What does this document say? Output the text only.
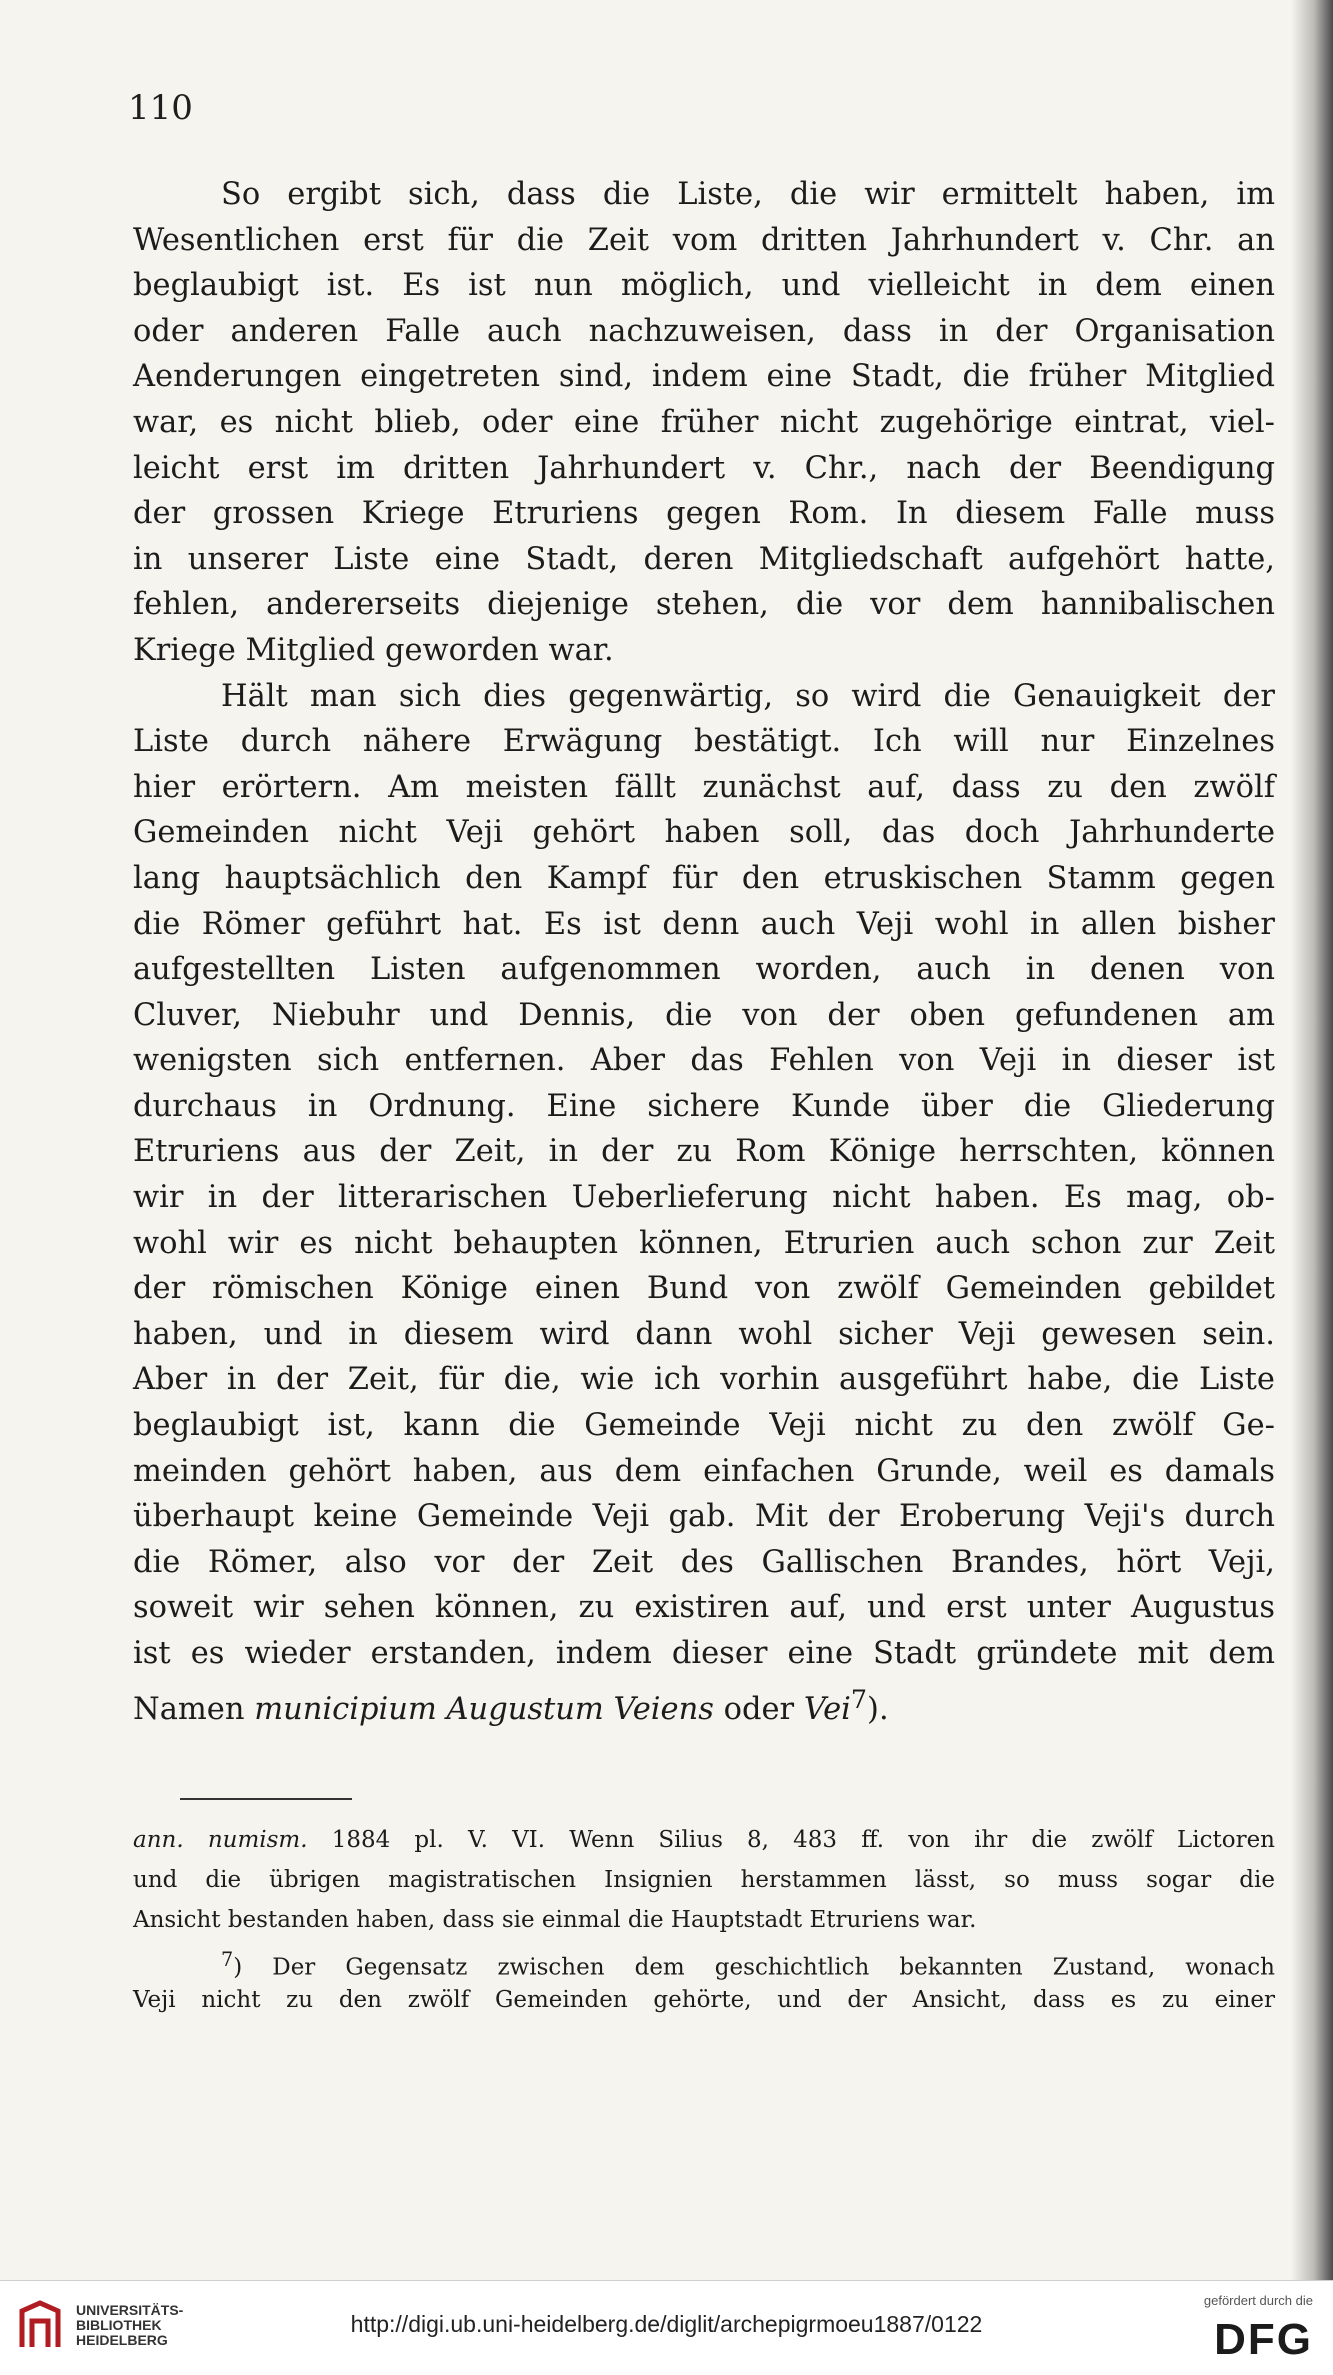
110
So ergibt sich, dass die Liste, die wir ermittelt haben, im
Wesentlichen erst für die Zeit vom dritten Jahrhundert v. Chr. an
beglaubigt ist. Es ist nun möglich, und vielleicht in dem einen
oder anderen Falle auch nachzuweisen, dass in der Organisation
Aenderungen eingetreten sind, indem eine Stadt, die früher Mitglied
war, es nicht blieb, oder eine früher nicht zugehörige eintrat, viel-
leicht erst im dritten Jahrhundert v. Chr., nach der Beendigung
der grossen Kriege Etruriens gegen Rom. In diesem Falle muss
in unserer Liste eine Stadt, deren Mitgliedschaft aufgehört hatte,
fehlen, andererseits diejenige stehen, die vor dem hannibalischen
Kriege Mitglied geworden war.
Hält man sich dies gegenwärtig, so wird die Genauigkeit der
Liste durch nähere Erwägung bestätigt. Ich will nur Einzelnes
hier erörtern. Am meisten fällt zunächst auf, dass zu den zwölf
Gemeinden nicht Veji gehört haben soll, das doch Jahrhunderte
lang hauptsächlich den Kampf für den etruskischen Stamm gegen
die Römer geführt hat. Es ist denn auch Veji wohl in allen bisher
aufgestellten Listen aufgenommen worden, auch in denen von
Cluver, Niebuhr und Dennis, die von der oben gefundenen am
wenigsten sich entfernen. Aber das Fehlen von Veji in dieser ist
durchaus in Ordnung. Eine sichere Kunde über die Gliederung
Etruriens aus der Zeit, in der zu Rom Könige herrschten, können
wir in der litterarischen Ueberlieferung nicht haben. Es mag, ob-
wohl wir es nicht behaupten können, Etrurien auch schon zur Zeit
der römischen Könige einen Bund von zwölf Gemeinden gebildet
haben, und in diesem wird dann wohl sicher Veji gewesen sein.
Aber in der Zeit, für die, wie ich vorhin ausgeführt habe, die Liste
beglaubigt ist, kann die Gemeinde Veji nicht zu den zwölf Ge-
meinden gehört haben, aus dem einfachen Grunde, weil es damals
überhaupt keine Gemeinde Veji gab. Mit der Eroberung Veji's durch
die Römer, also vor der Zeit des Gallischen Brandes, hört Veji,
soweit wir sehen können, zu existiren auf, und erst unter Augustus
ist es wieder erstanden, indem dieser eine Stadt gründete mit dem
Namen municipium Augustum Veiens oder Vei$^7$).
ann. numism. 1884 pl. V. VI. Wenn Silius 8, 483 ff. von ihr die zwölf Lictoren
und die übrigen magistratischen Insignien herstammen lässt, so muss sogar die
Ansicht bestanden haben, dass sie einmal die Hauptstadt Etruriens war.
$^7$) Der Gegensatz zwischen dem geschichtlich bekannten Zustand, wonach
Veji nicht zu den zwölf Gemeinden gehörte, und der Ansicht, dass es zu einer
UNIVERSITÄTS-
BIBLIOTHEK
HEIDELBERG
http://digi.ub.uni-heidelberg.de/diglit/archepigrmoeu1887/0122
gefördert durch die
DFG
